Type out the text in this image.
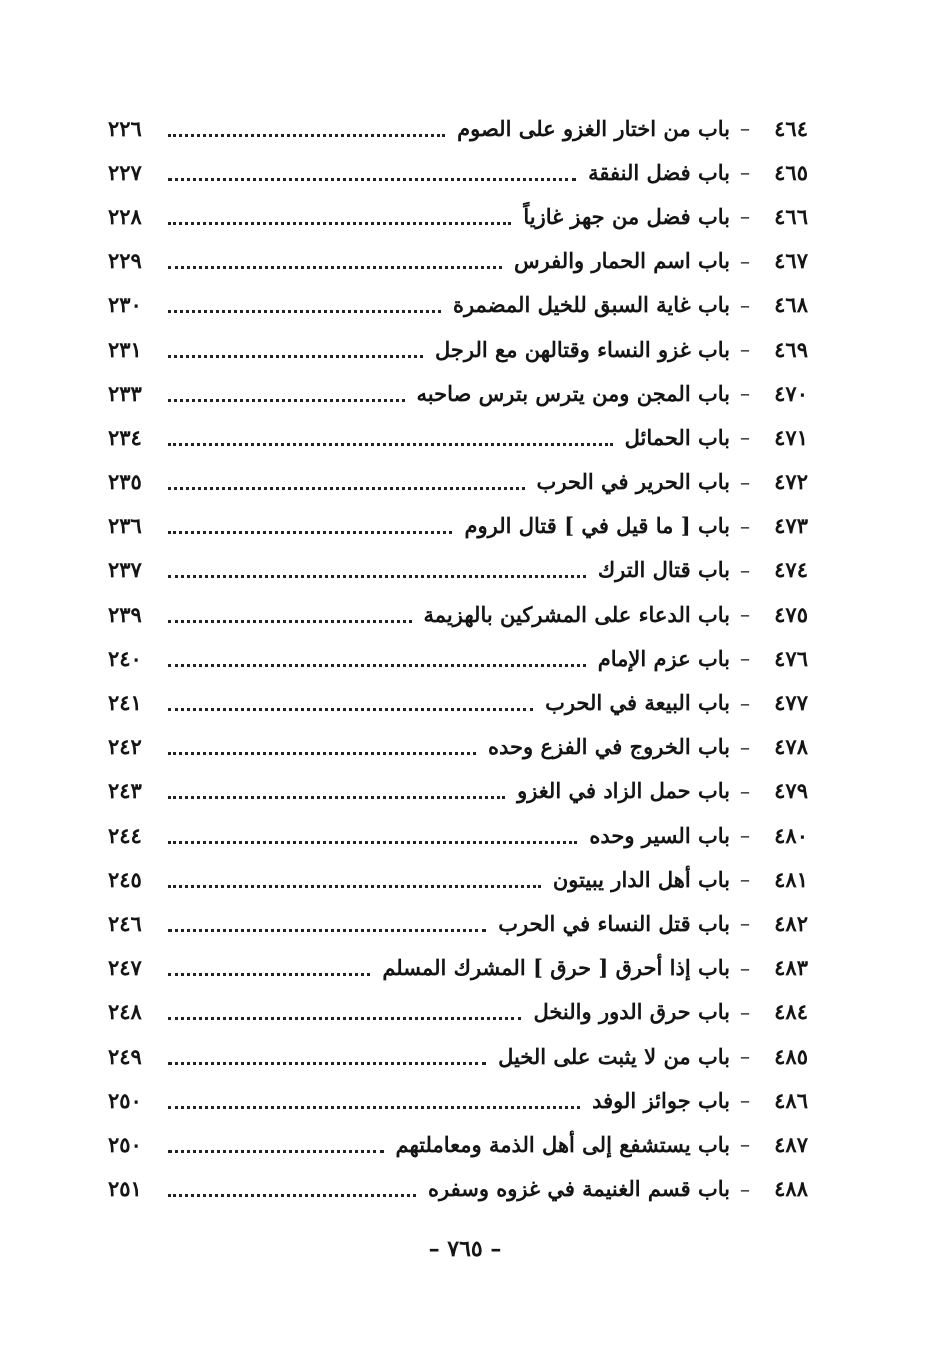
٤٦٤
–
باب من اختار الغزو على الصوم
٢٢٦
٤٦٥
–
باب فضل النفقة
٢٢٧
٤٦٦
–
باب فضل من جهز غازياً
٢٢٨
٤٦٧
–
باب اسم الحمار والفرس
٢٢٩
٤٦٨
–
باب غاية السبق للخيل المضمرة
٢٣٠
٤٦٩
–
باب غزو النساء وقتالهن مع الرجل
٢٣١
٤٧٠
–
باب المجن ومن يترس بترس صاحبه
٢٣٣
٤٧١
–
باب الحمائل
٢٣٤
٤٧٢
–
باب الحرير في الحرب
٢٣٥
٤٧٣
–
باب [ ما قيل في ] قتال الروم
٢٣٦
٤٧٤
–
باب قتال الترك
٢٣٧
٤٧٥
–
باب الدعاء على المشركين بالهزيمة
٢٣٩
٤٧٦
–
باب عزم الإمام
٢٤٠
٤٧٧
–
باب البيعة في الحرب
٢٤١
٤٧٨
–
باب الخروج في الفزع وحده
٢٤٢
٤٧٩
–
باب حمل الزاد في الغزو
٢٤٣
٤٨٠
–
باب السير وحده
٢٤٤
٤٨١
–
باب أهل الدار يبيتون
٢٤٥
٤٨٢
–
باب قتل النساء في الحرب
٢٤٦
٤٨٣
–
باب إذا أحرق [ حرق ] المشرك المسلم
٢٤٧
٤٨٤
–
باب حرق الدور والنخل
٢٤٨
٤٨٥
–
باب من لا يثبت على الخيل
٢٤٩
٤٨٦
–
باب جوائز الوفد
٢٥٠
٤٨٧
–
باب يستشفع إلى أهل الذمة ومعاملتهم
٢٥٠
٤٨٨
–
باب قسم الغنيمة في غزوه وسفره
٢٥١
– ٧٦٥ –
